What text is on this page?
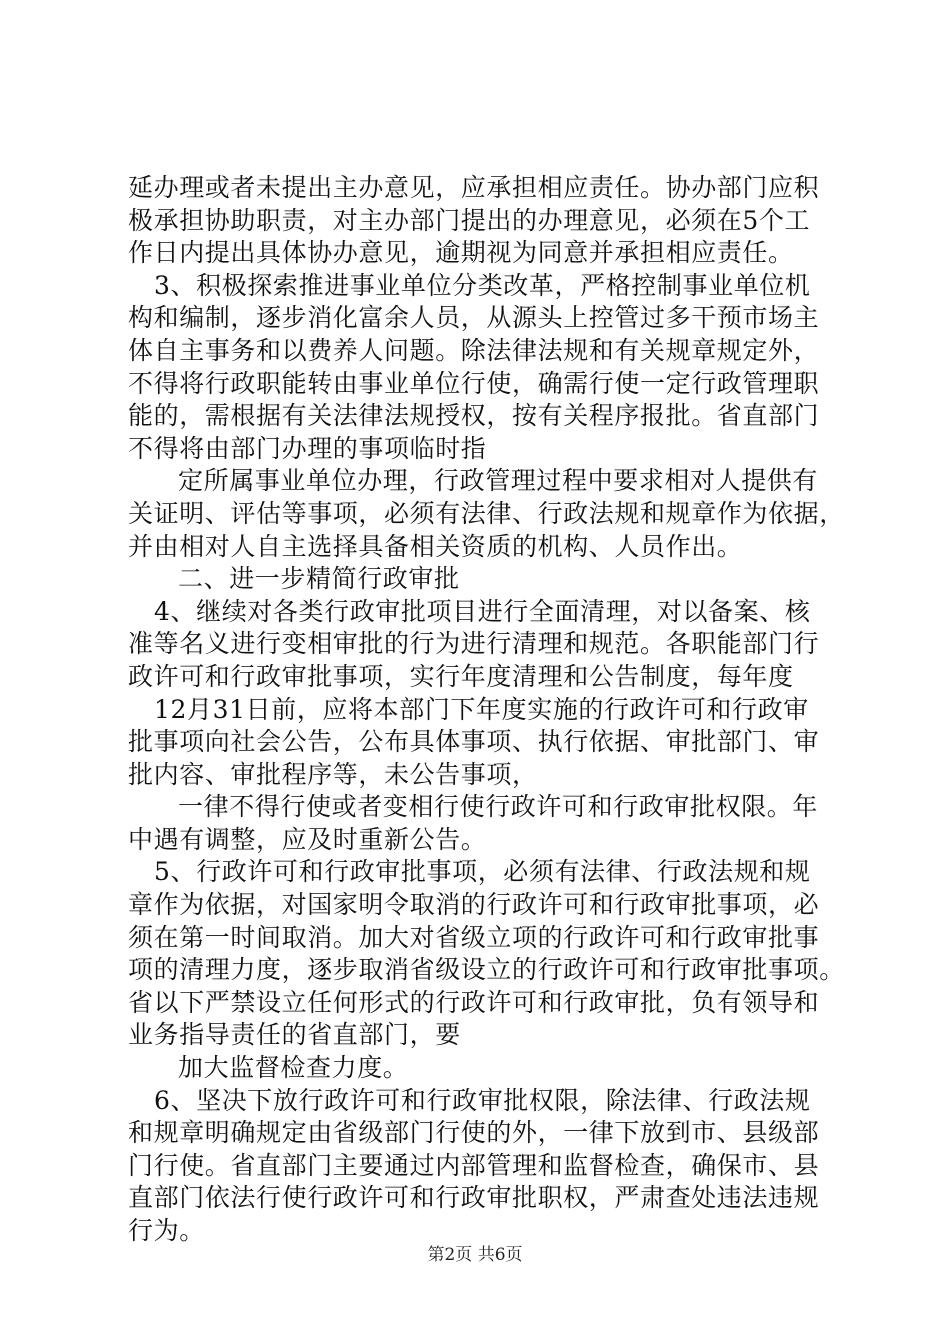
延办理或者未提出主办意见，应承担相应责任。协办部门应积
极承担协助职责，对主办部门提出的办理意见，必须在5个工
作日内提出具体协办意见，逾期视为同意并承担相应责任。
3、积极探索推进事业单位分类改革，严格控制事业单位机
构和编制，逐步消化富余人员，从源头上控管过多干预市场主
体自主事务和以费养人问题。除法律法规和有关规章规定外，
不得将行政职能转由事业单位行使，确需行使一定行政管理职
能的，需根据有关法律法规授权，按有关程序报批。省直部门
不得将由部门办理的事项临时指
定所属事业单位办理，行政管理过程中要求相对人提供有
关证明、评估等事项，必须有法律、行政法规和规章作为依据，
并由相对人自主选择具备相关资质的机构、人员作出。
二、进一步精简行政审批
4、继续对各类行政审批项目进行全面清理，对以备案、核
准等名义进行变相审批的行为进行清理和规范。各职能部门行
政许可和行政审批事项，实行年度清理和公告制度，每年度
12月31日前，应将本部门下年度实施的行政许可和行政审
批事项向社会公告，公布具体事项、执行依据、审批部门、审
批内容、审批程序等，未公告事项，
一律不得行使或者变相行使行政许可和行政审批权限。年
中遇有调整，应及时重新公告。
5、行政许可和行政审批事项，必须有法律、行政法规和规
章作为依据，对国家明令取消的行政许可和行政审批事项，必
须在第一时间取消。加大对省级立项的行政许可和行政审批事
项的清理力度，逐步取消省级设立的行政许可和行政审批事项。
省以下严禁设立任何形式的行政许可和行政审批，负有领导和
业务指导责任的省直部门，要
加大监督检查力度。
6、坚决下放行政许可和行政审批权限，除法律、行政法规
和规章明确规定由省级部门行使的外，一律下放到市、县级部
门行使。省直部门主要通过内部管理和监督检查，确保市、县
直部门依法行使行政许可和行政审批职权，严肃查处违法违规
行为。
第2页 共6页
